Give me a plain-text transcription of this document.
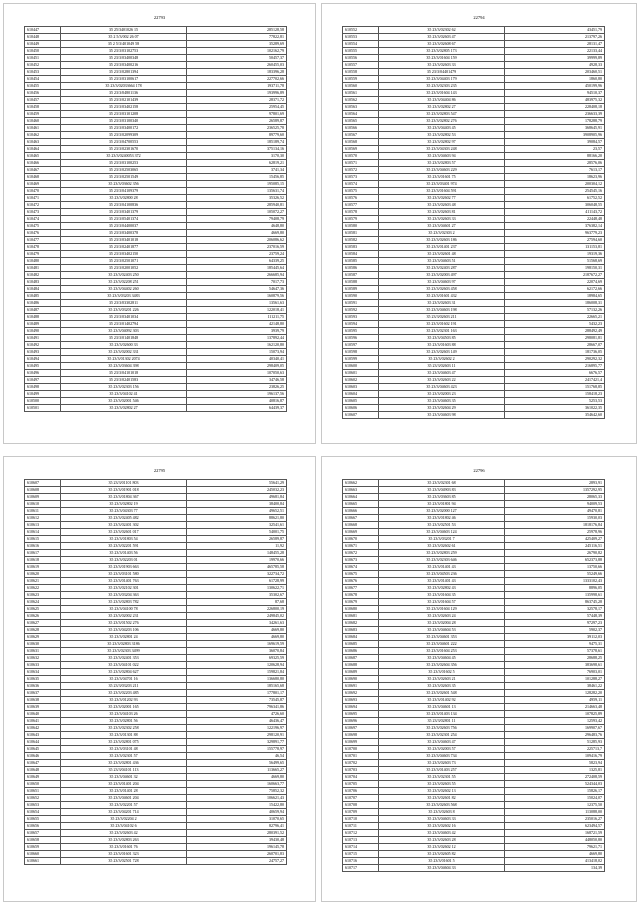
22793
610447	35 25/3401026 15	285128,58
610448	35 2 5/3/002 26 07	77822,81
610449	35 2 5/3/401049 58	35289,69
610450	35 23/3/03102753	102162,79
610451	35 23/3/03400348	50457,37
610452	35 23/3/03400216	260455,03
610453	35 23/3/02801394	183396,28
610454	35 23/3/03100617	227702,66
610455	35 23/3/02033664 178	193711,78
610456	35 23/3/04801136	193996,89
610457	35 23/3/02101439	28371,72
610458	35 23/3/03402158	25954,45
610459	35 23/3/03101208	97801,69
610460	35 23/3/03100340	26589,87
610461	35 23/3/03400172	236525,78
610462	35 23/3/02099309	89779,60
610463	35 23/3/04700553	185189,74
610464	35 23/3/02301670	375134,16
610465	35 23/3/0240053 372	3170,30
610466	35 23/3/03100253	62819,21
610467	35 23/3/02503065	3741,34
610468	35 23/3/02501549	15456,85
610469	35 23/3/03602 356	195085,15
610470	35 23/3/04109379	135631,74
610471	35 23/3/02800 28	35326,52
610472	35 23/3/04100836	285940,81
610473	35 23/3/03401379	105072,27
610474	35 23/3/05401374	79408,79
610475	35 23/3/04400037	4648,80
610476	35 23/3/03400378	4669,80
610477	35 23/3/03401018	206086,62
610478	35 23/3/02401877	237016,59
610479	35 23/3/03402150	23759,24
610480	35 23/3/02501071	64339,25
610481	35 23/3/02001052	185445,64
610482	35 23/3/02403 250	266685,94
610483	35 23/3/02208 251	7017,73
610484	35 23/3/04402 260	54647,36
610485	35 23/3/03203 3483	160879,56
610486	35 23/3/03302811	13561,63
610487	35 23/3/03201 226	122018,41
610488	35 23/3/03401034	111211,75
610489	35 23/3/01402794	42148,80
610490	35 23/3/04092 303	3939,79
610491	35 23/3/01401848	137892,44
610492	35 23/3/02600 33	162120,80
610493	35 23/3/02002 331	15073,94
610494	35 23/3/01302 2074	40340,41
610495	35 23/3/03604 398	298409,05
610496	35 23/3/04101018	107050,63
610497	35 23/3/02401583	34746,58
610498	35 23/3/02303 156	23826,25
610499	35 23/3/04102 41	196137,56
610500	35 23/3/02001 546	40816,87
610501	35 23/3/02802 27	64439,37
22794
610552	35 23/3/02302 62	43451,79
610553	35 23/3/02603 47	213797,26
610554	35 23/3/02608 67	28131,47
610555	35 23/3/02805 173	22133,44
610556	35 23/3/01604 159	39999,89
610557	35 23/3/02603 33	4928,33
610558	35 23/3/04401479	203460,51
610559	35 23/3/04403 179	1860,80
610560	35 23/3/02303 235	450199,96
610561	35 23/3/01604 143	94510,37
610562	35 23/3/04404 86	483975,32
610563	35 23/3/02802 27	228408,18
610564	35 23/3/02803 547	236633,39
610565	35 23/3/02802 276	178288,79
610566	35 23/3/04403 45	368645,91
610567	35 23/3/02802 53	3908905,96
610568	35 23/3/02802 97	39084,57
610569	35 23/3/04303 248	23,57
610570	35 23/3/04603 94	88166,20
610571	35 23/3/02803 57	28576,06
610572	35 23/3/04603 229	7613,17
610573	35 23/3/01601 75	18623,96
610574	35 23/3/03401 974	200304,12
610575	35 23/3/01604 591	254545,16
610576	35 23/3/02602 77	61752,52
610577	35 23/3/02603 48	306048,55
610578	35 23/3/02603 81	411143,72
610579	35 23/3/02603 33	22448,48
610580	35 23/3/04601 27	376382,14
610581	35 23/3/02303 2	963779,23
610582	35 23/3/02603 186	27594,60
610583	35 23/3/01401 237	131153,81
610584	35 23/3/02601 48	19319,36
610585	35 23/3/04603 51	51568,69
610586	35 23/3/02403 287	198150,31
610587	35 23/3/02003 497	2187672,27
610588	35 23/3/04603 97	22074,69
610589	35 23/3/02603 458	62172,66
610590	35 23/3/01601 432	18984,65
610591	35 23/3/02603 31	186008,31
610592	35 23/3/04603 198	57132,26
610593	35 23/3/02603 211	22665,21
610594	35 23/3/01602 191	5432,23
610595	35 23/3/02301 163	288492,49
610596	35 23/3/04503 85	298081,81
610597	35 23/3/01603 88	28667,07
610598	35 23/3/02603 149	181736,05
610599	35 23/3/02602 2	290292,32
610600	35 23/3/02603 11	216895,77
610601	35 23/3/04603 47	6676,57
610602	35 23/3/02603 22	2417421,4
610603	35 23/3/04603 423	151768,85
610604	35 23/3/02003 23	158418,23
610605	35 23/3/04603 35	5253,53
610606	35 23/3/02604 29	361022,35
610607	35 23/3/04603 98	354642,60
22795
610607	35 23/3/01101 803	55641,29
610608	35 23/3/01901 018	245032,23
610609	35 23/3/01804 367	49681,84
610610	35 23/3/02802 19	38400,84
610611	35 23/3/04303 77	49652,51
610612	35 23/3/02405 482	88621,80
610613	35 23/3/02401 302	32541,61
610614	35 23/3/02601 017	54001,75
610615	35 23/3/01803 54	26589,87
610616	35 23/3/02201 591	11,92
610617	35 23/3/01403 56	148455,28
610618	35 23/3/02203 01	19970,66
610619	35 23/3/01903 663	465785,58
610620	35 23/3/03101 580	322734,72
610621	35 23/3/01401 763	61728,99
610622	35 23/3/02102 301	130622,71
610623	35 23/3/03204 363	35302,67
610624	35 23/3/02803 782	87,68
610625	35 23/3/04100 78	226800,19
610626	35 23/3/02002 231	249845,02
610627	35 23/3/01502 276	34261,63
610628	35 23/3/04203 106	4669,80
610629	35 23/3/02801 24	4669,80
610630	35 23/3/02803 3186	169619,59
610631	35 23/3/02303 3499	36070,84
610632	35 23/3/02401 353	69325,59
610633	35 23/3/04101 022	120628,94
610634	35 23/3/02804 627	159821,84
610635	35 23/3/04701 16	136680,80
610636	35 23/3/03203 211	185165,68
610637	35 23/3/02203 485	177801,17
610638	35 23/3/01202 93	73545,87
610639	35 23/3/02001 165	796341,86
610640	35 23/3/04103 26	4726,60
610641	35 23/3/02801 56	46436,47
610642	35 23/3/02302 258	122196,97
610643	35 23/3/01301 88	298120,91
610644	35 23/3/02801 075	329891,77
610645	35 23/3/03101 48	155778,97
610646	35 23/3/02301 57	46,54
610647	35 23/3/02801 436	56499,65
610648	35 23/3/04101 113	113665,27
610649	35 23/3/04601 32	4669,80
610650	35 23/3/01401 204	160663,77
610651	35 23/3/01401 28	75852,32
610652	35 23/3/04601 204	106621,43
610653	35 23/3/02201 57	15422,80
610654	35 23/3/04201 714	40659,94
610655	35 23/3/02204 2	31070,65
610656	35 23/3/04102 6	82796,41
610657	35 23/3/02603 42	280391,52
610658	35 23/3/02803 263	39430,48
610659	35 23/3/01601 76	196145,78
610660	35 23/3/01601 323	260701,83
610661	35 23/3/02501 728	24757,27
22796
610662	35 23/3/02301 68	2893,91
610663	35 23/3/04903 83	1357292,95
610664	35 23/3/03603 85	28065,33
610665	35 23/3/01801 94	94009,53
610666	35 23/3/02000 127	49470,81
610667	35 23/3/01802 46	15930,03
610668	35 23/3/02501 53	1818176,84
610669	35 23/3/04603 124	25978,96
610670	35 23/3/03201 7	425409,27
610671	35 23/3/02602 61	245116,51
610672	35 23/3/02803 259	26790,82
610673	35 23/3/02303 646	652373,88
610674	35 23/3/01401 43	13750,66
610675	35 23/3/04503 236	55249,66
610676	35 23/3/01401 43	1333102,43
610677	35 23/3/02802 43	8896,05
610678	35 23/3/01604 35	135998,61
610679	35 23/3/01604 57	863745,28
610680	35 23/3/01604 129	32578,17
610681	35 23/3/02603 24	57448,39
610682	35 23/3/02004 28	97297,23
610683	35 23/3/04604 53	5902,37
610684	35 23/3/04601 353	39112,03
610685	35 23/3/04601 222	9475,31
610686	35 23/3/01604 253	57378,61
610687	35 23/3/04604 45	28688,25
610688	35 23/3/02604 356	383698,61
610689	35 23/3/01602 5	76903,01
610690	35 23/3/02603 21	101288,27
610691	35 23/3/02603 35	38461,22
610692	35 23/3/02601 548	128282,20
610693	35 23/3/01402 92	4959,11
610694	35 23/3/04601 13	214663,48
610695	35 23/3/01403 134	107825,89
610696	35 23/3/02801 11	12593,42
610697	35 23/3/02603 756	169907,67
610698	35 23/3/02301 254	296483,76
610699	35 23/3/04603 47	51285,93
610700	35 23/3/02003 57	225713,7
610701	35 23/3/04603 734	109416,79
610702	35 23/3/02603 73	5823,94
610703	35 23/3/01403 257	1325,81
610704	35 23/3/02301 55	272408,59
610705	35 23/3/02603 55	524344,03
610706	35 23/3/02602 13	15826,17
610707	35 23/3/02601 82	15024,07
610708	35 23/3/02603 568	12375,50
610709	35 23/3/02603 8	113088,00
610710	35 23/3/04603 33	235016,27
610711	35 23/3/02602 16	623494,57
610712	35 23/3/04603 42	168721,59
610713	35 23/3/02603 28	448050,80
610714	35 23/3/02602 12	79621,71
610715	35 23/3/02605 82	4669,80
610716	35 23/3/01601 5	413418,02
610717	35 23/3/04604 33	134,39
